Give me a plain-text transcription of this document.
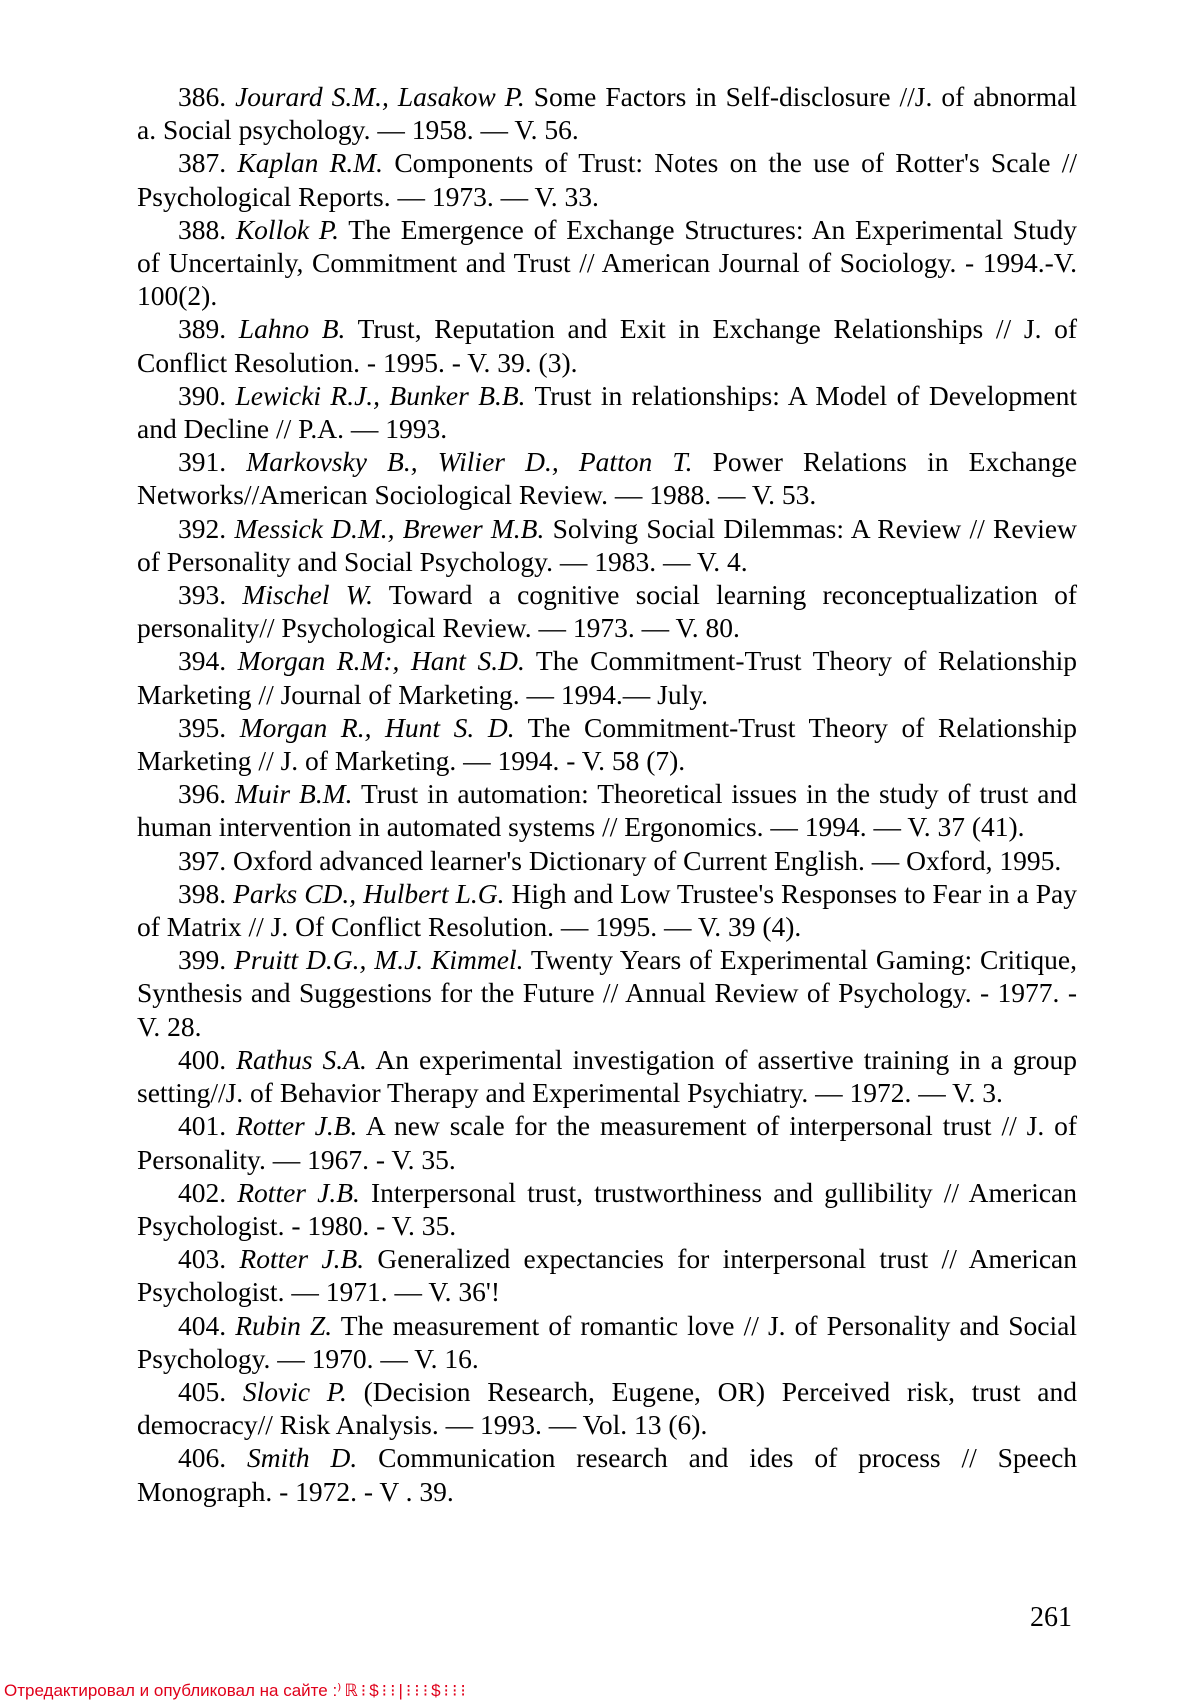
386. Jourard S.M., Lasakow P. Some Factors in Self-disclosure //J. of abnormal a. Social psychology. — 1958. — V. 56.

387. Kaplan R.M. Components of Trust: Notes on the use of Rotter's Scale // Psychological Reports. — 1973. — V. 33.

388. Kollok P. The Emergence of Exchange Structures: An Experimental Study of Uncertainly, Commitment and Trust // American Journal of Sociology. - 1994.-V. 100(2).

389. Lahno B. Trust, Reputation and Exit in Exchange Relationships // J. of Conflict Resolution. - 1995. - V. 39. (3).

390. Lewicki R.J., Bunker B.B. Trust in relationships: A Model of Development and Decline // P.A. — 1993.

391. Markovsky B., Wilier D., Patton T. Power Relations in Exchange Networks//American Sociological Review. — 1988. — V. 53.

392. Messick D.M., Brewer M.B. Solving Social Dilemmas: A Review // Review of Personality and Social Psychology. — 1983. — V. 4.

393. Mischel W. Toward a cognitive social learning reconceptualization of personality// Psychological Review. — 1973. — V. 80.

394. Morgan R.M:, Hant S.D. The Commitment-Trust Theory of Relationship Marketing // Journal of Marketing. — 1994.— July.

395. Morgan R., Hunt S. D. The Commitment-Trust Theory of Relationship Marketing // J. of Marketing. — 1994. - V. 58 (7).

396. Muir B.M. Trust in automation: Theoretical issues in the study of trust and human intervention in automated systems // Ergonomics. — 1994. — V. 37 (41).

397. Oxford advanced learner's Dictionary of Current English. — Oxford, 1995.

398. Parks CD., Hulbert L.G. High and Low Trustee's Responses to Fear in a Pay of Matrix // J. Of Conflict Resolution. — 1995. — V. 39 (4).

399. Pruitt D.G., M.J. Kimmel. Twenty Years of Experimental Gaming: Critique, Synthesis and Suggestions for the Future // Annual Review of Psychology. - 1977. - V. 28.

400. Rathus S.A. An experimental investigation of assertive training in a group setting//J. of Behavior Therapy and Experimental Psychiatry. — 1972. — V. 3.

401. Rotter J.B. A new scale for the measurement of interpersonal trust // J. of Personality. — 1967. - V. 35.

402. Rotter J.B. Interpersonal trust, trustworthiness and gullibility // American Psychologist. - 1980. - V. 35.

403. Rotter J.B. Generalized expectancies for interpersonal trust // American Psychologist. — 1971. — V. 36'!

404. Rubin Z. The measurement of romantic love // J. of Personality and Social Psychology. — 1970. — V. 16.

405. Slovic P. (Decision Research, Eugene, OR) Perceived risk, trust and democracy// Risk Analysis. — 1993. — Vol. 13 (6).

406. Smith D. Communication research and ides of process // Speech Monograph. - 1972. - V . 39.

261
Отредактировал и опубликовал на сайте :⁾ℝ⁝$⁝⁝|⁝⁝⁝$⁝⁝⁝
